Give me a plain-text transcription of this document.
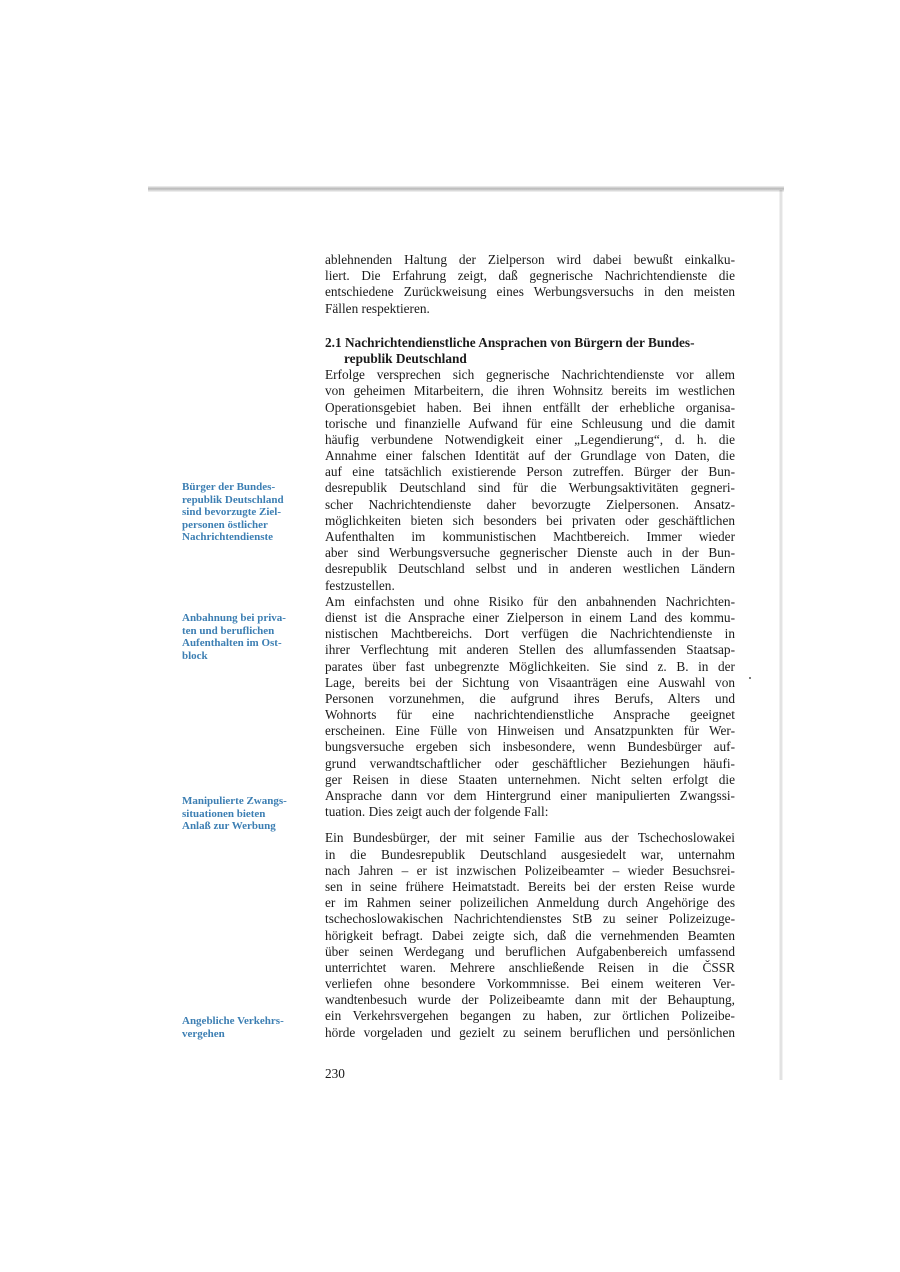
Bürger der Bundes-
republik Deutschland
sind bevorzugte Ziel-
personen östlicher
Nachrichtendienste
Anbahnung bei priva-
ten und beruflichen
Aufenthalten im Ost-
block
Manipulierte Zwangs-
situationen bieten
Anlaß zur Werbung
Angebliche Verkehrs-
vergehen
ablehnenden Haltung der Zielperson wird dabei bewußt einkalku-
liert. Die Erfahrung zeigt, daß gegnerische Nachrichtendienste die
entschiedene Zurückweisung eines Werbungsversuchs in den meisten
Fällen respektieren.
2.1 Nachrichtendienstliche Ansprachen von Bürgern der Bundes-
republik Deutschland
Erfolge versprechen sich gegnerische Nachrichtendienste vor allem
von geheimen Mitarbeitern, die ihren Wohnsitz bereits im westlichen
Operationsgebiet haben. Bei ihnen entfällt der erhebliche organisa-
torische und finanzielle Aufwand für eine Schleusung und die damit
häufig verbundene Notwendigkeit einer „Legendierung“, d. h. die
Annahme einer falschen Identität auf der Grundlage von Daten, die
auf eine tatsächlich existierende Person zutreffen. Bürger der Bun-
desrepublik Deutschland sind für die Werbungsaktivitäten gegneri-
scher Nachrichtendienste daher bevorzugte Zielpersonen. Ansatz-
möglichkeiten bieten sich besonders bei privaten oder geschäftlichen
Aufenthalten im kommunistischen Machtbereich. Immer wieder
aber sind Werbungsversuche gegnerischer Dienste auch in der Bun-
desrepublik Deutschland selbst und in anderen westlichen Ländern
festzustellen.
Am einfachsten und ohne Risiko für den anbahnenden Nachrichten-
dienst ist die Ansprache einer Zielperson in einem Land des kommu-
nistischen Machtbereichs. Dort verfügen die Nachrichtendienste in
ihrer Verflechtung mit anderen Stellen des allumfassenden Staatsap-
parates über fast unbegrenzte Möglichkeiten. Sie sind z. B. in der
Lage, bereits bei der Sichtung von Visaanträgen eine Auswahl von
Personen vorzunehmen, die aufgrund ihres Berufs, Alters und
Wohnorts für eine nachrichtendienstliche Ansprache geeignet
erscheinen. Eine Fülle von Hinweisen und Ansatzpunkten für Wer-
bungsversuche ergeben sich insbesondere, wenn Bundesbürger auf-
grund verwandtschaftlicher oder geschäftlicher Beziehungen häufi-
ger Reisen in diese Staaten unternehmen. Nicht selten erfolgt die
Ansprache dann vor dem Hintergrund einer manipulierten Zwangssi-
tuation. Dies zeigt auch der folgende Fall:
Ein Bundesbürger, der mit seiner Familie aus der Tschechoslowakei
in die Bundesrepublik Deutschland ausgesiedelt war, unternahm
nach Jahren – er ist inzwischen Polizeibeamter – wieder Besuchsrei-
sen in seine frühere Heimatstadt. Bereits bei der ersten Reise wurde
er im Rahmen seiner polizeilichen Anmeldung durch Angehörige des
tschechoslowakischen Nachrichtendienstes StB zu seiner Polizeizuge-
hörigkeit befragt. Dabei zeigte sich, daß die vernehmenden Beamten
über seinen Werdegang und beruflichen Aufgabenbereich umfassend
unterrichtet waren. Mehrere anschließende Reisen in die ČSSR
verliefen ohne besondere Vorkommnisse. Bei einem weiteren Ver-
wandtenbesuch wurde der Polizeibeamte dann mit der Behauptung,
ein Verkehrsvergehen begangen zu haben, zur örtlichen Polizeibe-
hörde vorgeladen und gezielt zu seinem beruflichen und persönlichen
230
